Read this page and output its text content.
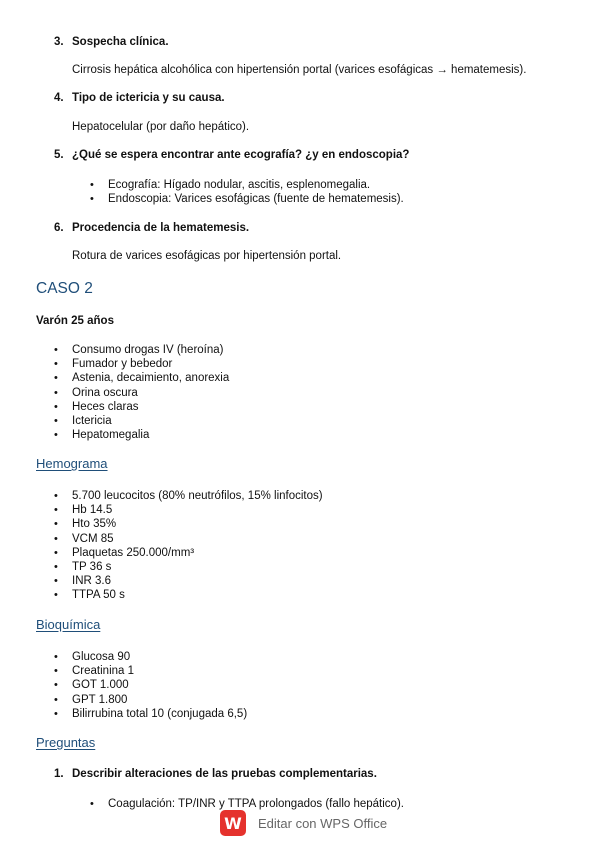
3. Sospecha clínica.
Cirrosis hepática alcohólica con hipertensión portal (varices esofágicas → hematemesis).
4. Tipo de ictericia y su causa.
Hepatocelular (por daño hepático).
5. ¿Qué se espera encontrar ante ecografía? ¿y en endoscopia?
• Ecografía: Hígado nodular, ascitis, esplenomegalia.
• Endoscopia: Varices esofágicas (fuente de hematemesis).
6. Procedencia de la hematemesis.
Rotura de varices esofágicas por hipertensión portal.
CASO 2
Varón 25 años
• Consumo drogas IV (heroína)
• Fumador y bebedor
• Astenia, decaimiento, anorexia
• Orina oscura
• Heces claras
• Ictericia
• Hepatomegalia
Hemograma
• 5.700 leucocitos (80% neutrófilos, 15% linfocitos)
• Hb 14.5
• Hto 35%
• VCM 85
• Plaquetas 250.000/mm³
• TP 36 s
• INR 3.6
• TTPA 50 s
Bioquímica
• Glucosa 90
• Creatinina 1
• GOT 1.000
• GPT 1.800
• Bilirrubina total 10 (conjugada 6,5)
Preguntas
1. Describir alteraciones de las pruebas complementarias.
• Coagulación: TP/INR y TTPA prolongados (fallo hepático).
W	Editar con WPS Office
